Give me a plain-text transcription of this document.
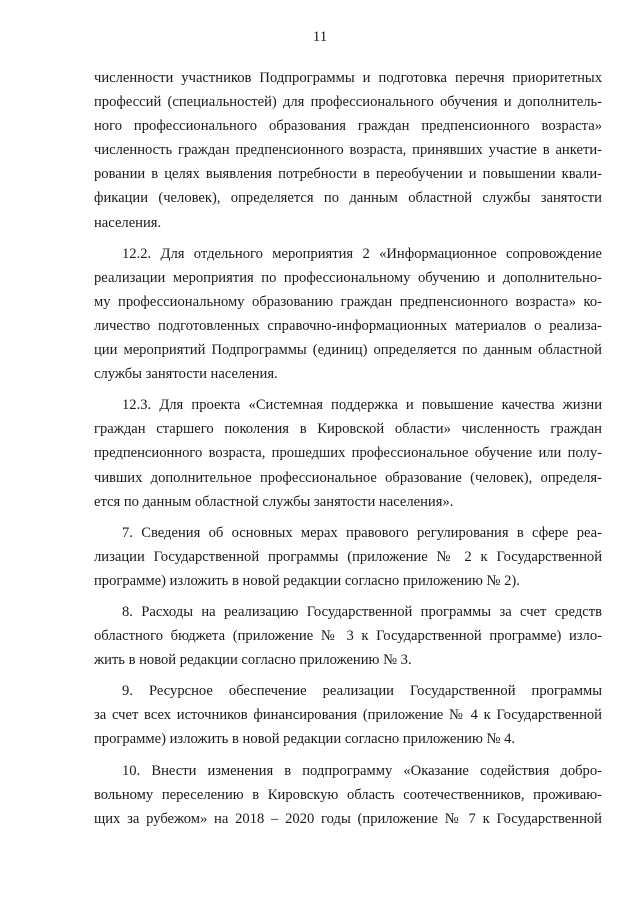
11
численности участников Подпрограммы и подготовка перечня приоритетных
профессий (специальностей) для профессионального обучения и дополнитель-
ного профессионального образования граждан предпенсионного возраста»
численность граждан предпенсионного возраста, принявших участие в анкети-
ровании в целях выявления потребности в переобучении и повышении квали-
фикации (человек), определяется по данным областной службы занятости
населения.
12.2. Для отдельного мероприятия 2 «Информационное сопровождение
реализации мероприятия по профессиональному обучению и дополнительно-
му профессиональному образованию граждан предпенсионного возраста» ко-
личество подготовленных справочно-информационных материалов о реализа-
ции мероприятий Подпрограммы (единиц) определяется по данным областной
службы занятости населения.
12.3. Для проекта «Системная поддержка и повышение качества жизни
граждан старшего поколения в Кировской области» численность граждан
предпенсионного возраста, прошедших профессиональное обучение или полу-
чивших дополнительное профессиональное образование (человек), определя-
ется по данным областной службы занятости населения».
7. Сведения об основных мерах правового регулирования в сфере реа-
лизации Государственной программы (приложение № 2 к Государственной
программе) изложить в новой редакции согласно приложению № 2).
8. Расходы на реализацию Государственной программы за счет средств
областного бюджета (приложение № 3 к Государственной программе) изло-
жить в новой редакции согласно приложению № 3.
9. Ресурсное обеспечение реализации Государственной программы
за счет всех источников финансирования (приложение № 4 к Государственной
программе) изложить в новой редакции согласно приложению № 4.
10. Внести изменения в подпрограмму «Оказание содействия добро-
вольному переселению в Кировскую область соотечественников, проживаю-
щих за рубежом» на 2018 – 2020 годы (приложение № 7 к Государственной
